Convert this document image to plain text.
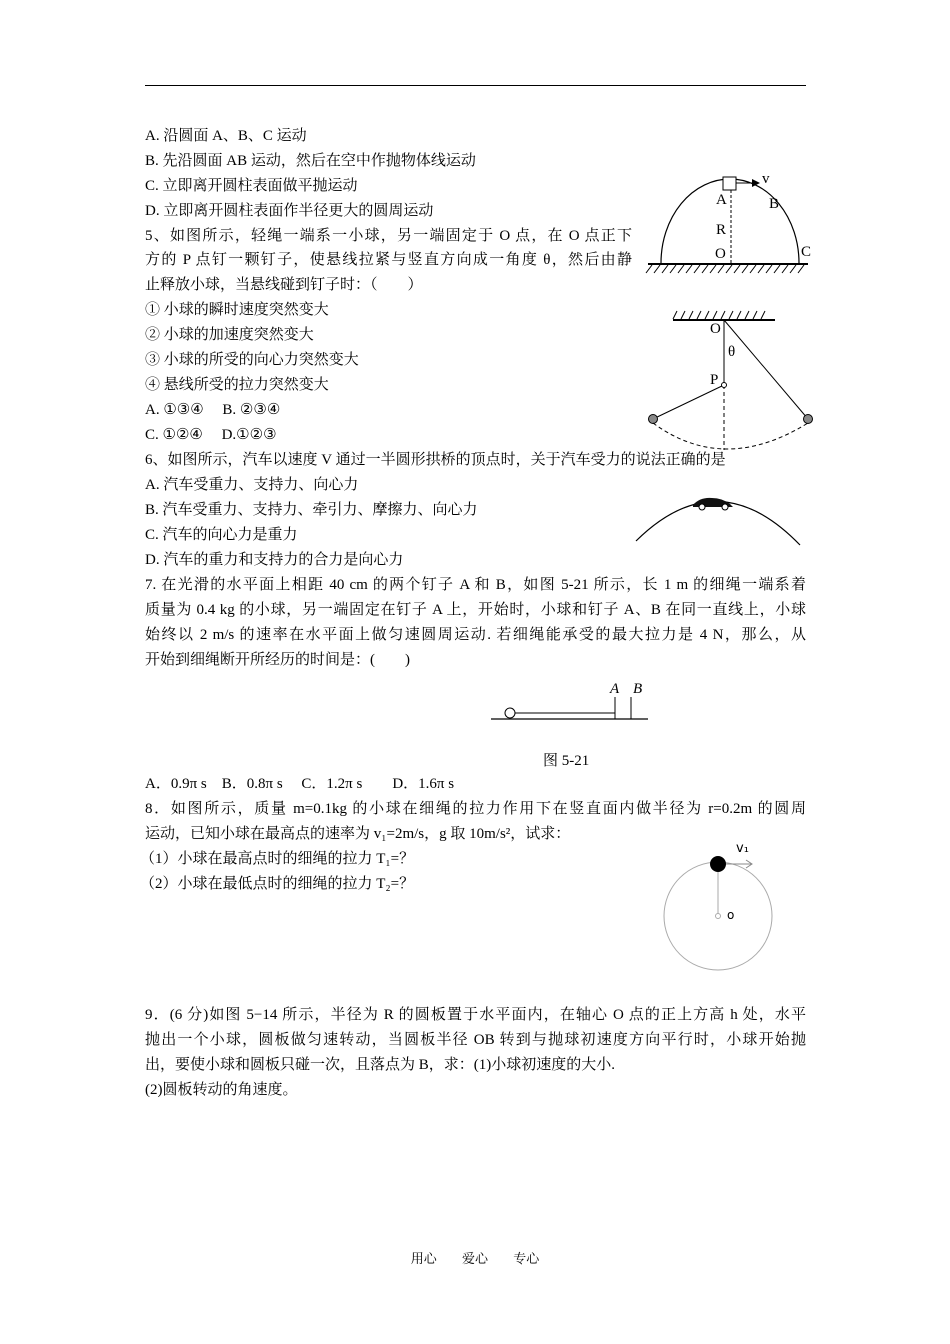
A. 沿圆面 A、B、C 运动
B. 先沿圆面 AB 运动，然后在空中作抛物体线运动
C. 立即离开圆柱表面做平抛运动
D. 立即离开圆柱表面作半径更大的圆周运动
5、如图所示，轻绳一端系一小球，另一端固定于 O 点，在 O 点正下
方的 P 点钉一颗钉子，使悬线拉紧与竖直方向成一角度 θ，然后由静
止释放小球，当悬线碰到钉子时：（　　）
① 小球的瞬时速度突然变大
② 小球的加速度突然变大
③ 小球的所受的向心力突然变大
④ 悬线所受的拉力突然变大
A. ①③④　 B. ②③④
C. ①②④　 D.①②③
6、如图所示，汽车以速度 V 通过一半圆形拱桥的顶点时，关于汽车受力的说法正确的是
A. 汽车受重力、支持力、向心力
B. 汽车受重力、支持力、牵引力、摩擦力、向心力
C. 汽车的向心力是重力
D. 汽车的重力和支持力的合力是向心力
7. 在光滑的水平面上相距 40 cm 的两个钉子 A 和 B，如图 5-21 所示，长 1 m 的细绳一端系着
质量为 0.4 kg 的小球，另一端固定在钉子 A 上，开始时，小球和钉子 A、B 在同一直线上，小球
始终以 2 m/s 的速率在水平面上做匀速圆周运动. 若细绳能承受的最大拉力是 4 N，那么，从
开始到细绳断开所经历的时间是：(　　)
图 5-21
A．0.9π s　B．0.8π s　 C．1.2π s　　D．1.6π s
8．如图所示，质量 m=0.1kg 的小球在细绳的拉力作用下在竖直面内做半径为 r=0.2m 的圆周
运动，已知小球在最高点的速率为 v₁=2m/s，g 取 10m/s²，试求：
（1）小球在最高点时的细绳的拉力 T₁=？
（2）小球在最低点时的细绳的拉力 T₂=？
9．(6 分)如图 5−14 所示，半径为 R 的圆板置于水平面内，在轴心 O 点的正上方高 h 处，水平
抛出一个小球，圆板做匀速转动，当圆板半径 OB 转到与抛球初速度方向平行时，小球开始抛
出，要使小球和圆板只碰一次，且落点为 B，求：(1)小球初速度的大小.
(2)圆板转动的角速度。
v
A	B
R
O	C
O
θ
P
A B
v₁
o
用心 爱心 专心
